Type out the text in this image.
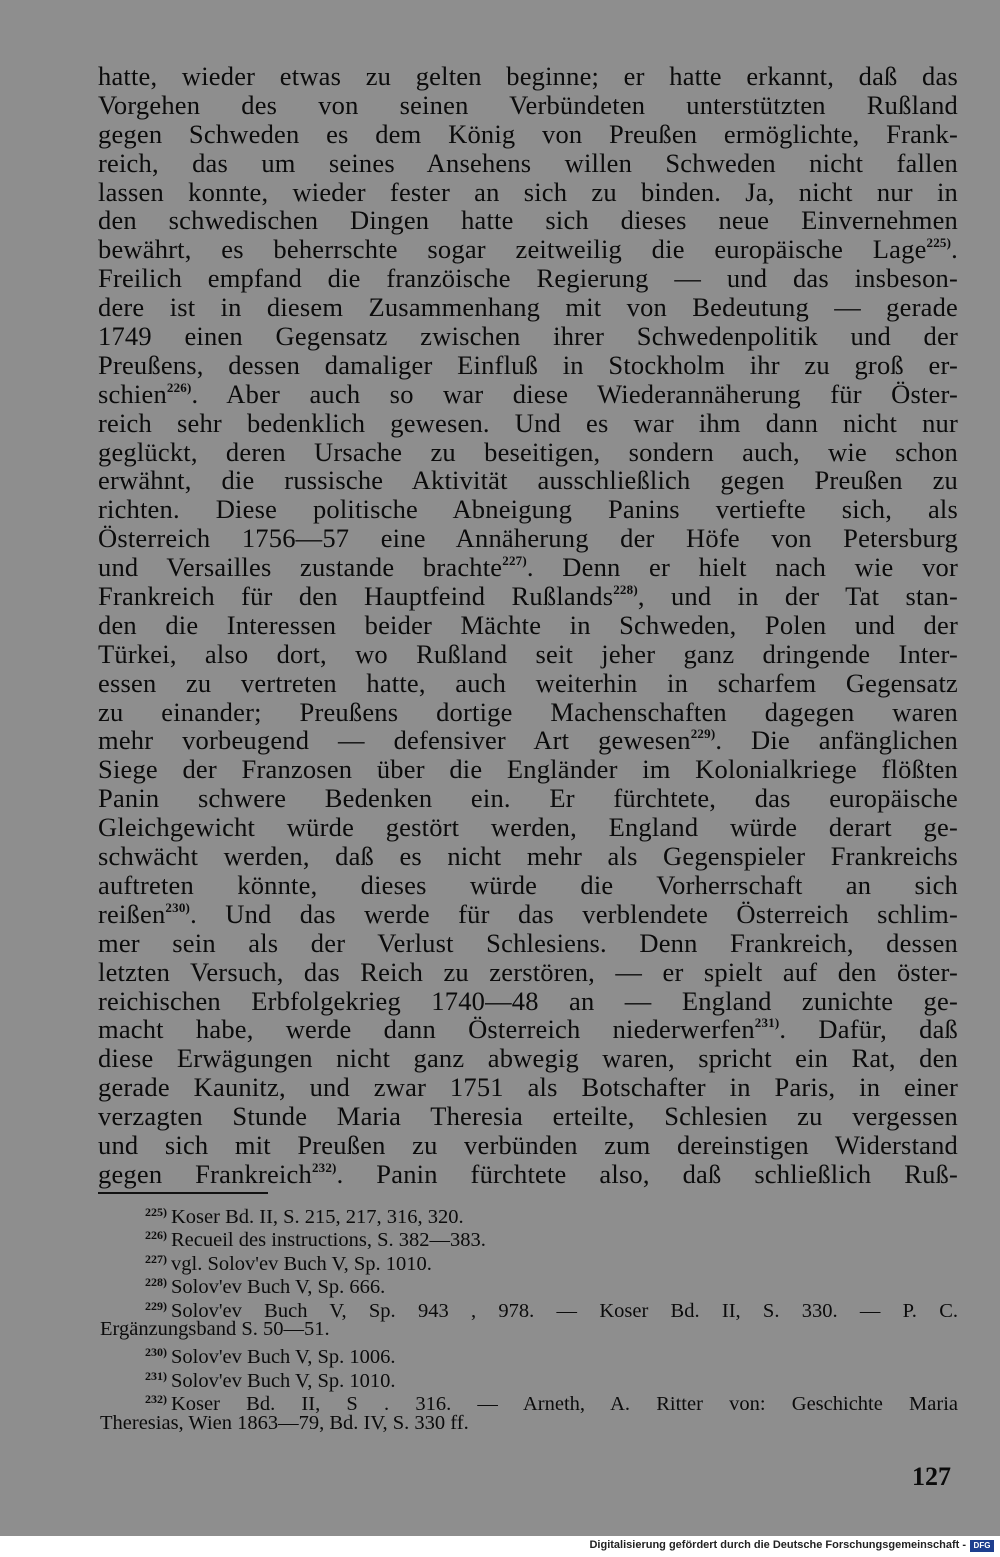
hatte, wieder etwas zu gelten beginne; er hatte erkannt, daß das
Vorgehen des von seinen Verbündeten unterstützten Rußland
gegen Schweden es dem König von Preußen ermöglichte, Frank-
reich, das um seines Ansehens willen Schweden nicht fallen
lassen konnte, wieder fester an sich zu binden. Ja, nicht nur in
den schwedischen Dingen hatte sich dieses neue Einvernehmen
bewährt, es beherrschte sogar zeitweilig die europäische Lage$^{225)}$.
Freilich empfand die franzöische Regierung — und das insbeson-
dere ist in diesem Zusammenhang mit von Bedeutung — gerade
1749 einen Gegensatz zwischen ihrer Schwedenpolitik und der
Preußens, dessen damaliger Einfluß in Stockholm ihr zu groß er-
schien$^{226)}$. Aber auch so war diese Wiederannäherung für Öster-
reich sehr bedenklich gewesen. Und es war ihm dann nicht nur
geglückt, deren Ursache zu beseitigen, sondern auch, wie schon
erwähnt, die russische Aktivität ausschließlich gegen Preußen zu
richten. Diese politische Abneigung Panins vertiefte sich, als
Österreich 1756—57 eine Annäherung der Höfe von Petersburg
und Versailles zustande brachte$^{227)}$. Denn er hielt nach wie vor
Frankreich für den Hauptfeind Rußlands$^{228)}$, und in der Tat stan-
den die Interessen beider Mächte in Schweden, Polen und der
Türkei, also dort, wo Rußland seit jeher ganz dringende Inter-
essen zu vertreten hatte, auch weiterhin in scharfem Gegensatz
zu einander; Preußens dortige Machenschaften dagegen waren
mehr vorbeugend — defensiver Art gewesen$^{229)}$. Die anfänglichen
Siege der Franzosen über die Engländer im Kolonialkriege flößten
Panin schwere Bedenken ein. Er fürchtete, das europäische
Gleichgewicht würde gestört werden, England würde derart ge-
schwächt werden, daß es nicht mehr als Gegenspieler Frankreichs
auftreten könnte, dieses würde die Vorherrschaft an sich
reißen$^{230)}$. Und das werde für das verblendete Österreich schlim-
mer sein als der Verlust Schlesiens. Denn Frankreich, dessen
letzten Versuch, das Reich zu zerstören, — er spielt auf den öster-
reichischen Erbfolgekrieg 1740—48 an — England zunichte ge-
macht habe, werde dann Österreich niederwerfen$^{231)}$. Dafür, daß
diese Erwägungen nicht ganz abwegig waren, spricht ein Rat, den
gerade Kaunitz, und zwar 1751 als Botschafter in Paris, in einer
verzagten Stunde Maria Theresia erteilte, Schlesien zu vergessen
und sich mit Preußen zu verbünden zum dereinstigen Widerstand
gegen Frankreich$^{232)}$. Panin fürchtete also, daß schließlich Ruß-
$^{225)}$ Koser Bd. II, S. 215, 217, 316, 320.
$^{226)}$ Recueil des instructions, S. 382—383.
$^{227)}$ vgl. Solov'ev Buch V, Sp. 1010.
$^{228)}$ Solov'ev Buch V, Sp. 666.
$^{229)}$ Solov'ev Buch V, Sp. 943 , 978. — Koser Bd. II, S. 330. — P. C.
Ergänzungsband S. 50—51.
$^{230)}$ Solov'ev Buch V, Sp. 1006.
$^{231)}$ Solov'ev Buch V, Sp. 1010.
$^{232)}$ Koser Bd. II, S . 316. — Arneth, A. Ritter von: Geschichte Maria
Theresias, Wien 1863—79, Bd. IV, S. 330 ff.
127
Digitalisierung gefördert durch die Deutsche Forschungsgemeinschaft - DFG
